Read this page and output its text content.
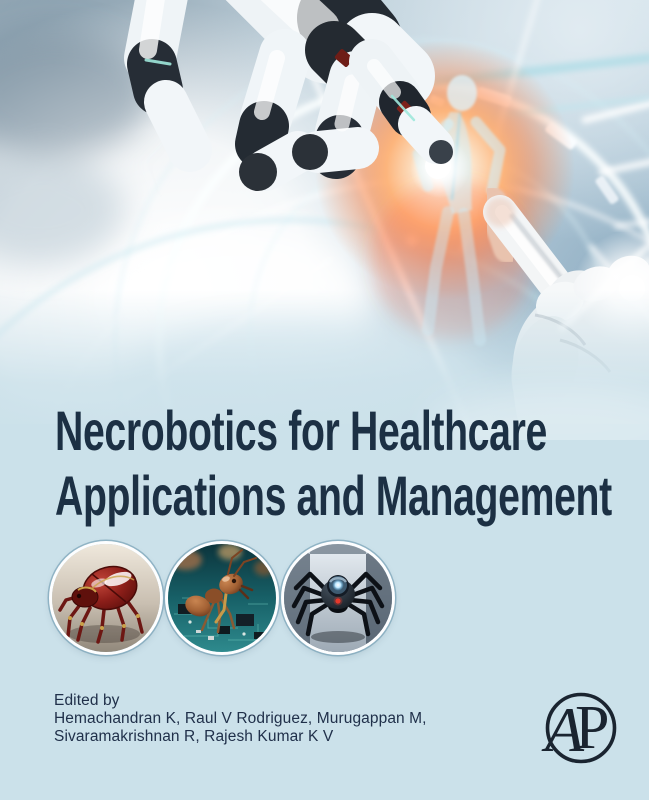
Necrobotics for Healthcare
Applications and Management
Edited by
Hemachandran K, Raul V Rodriguez, Murugappan M,
Sivaramakrishnan R, Rajesh Kumar K V	P
A
